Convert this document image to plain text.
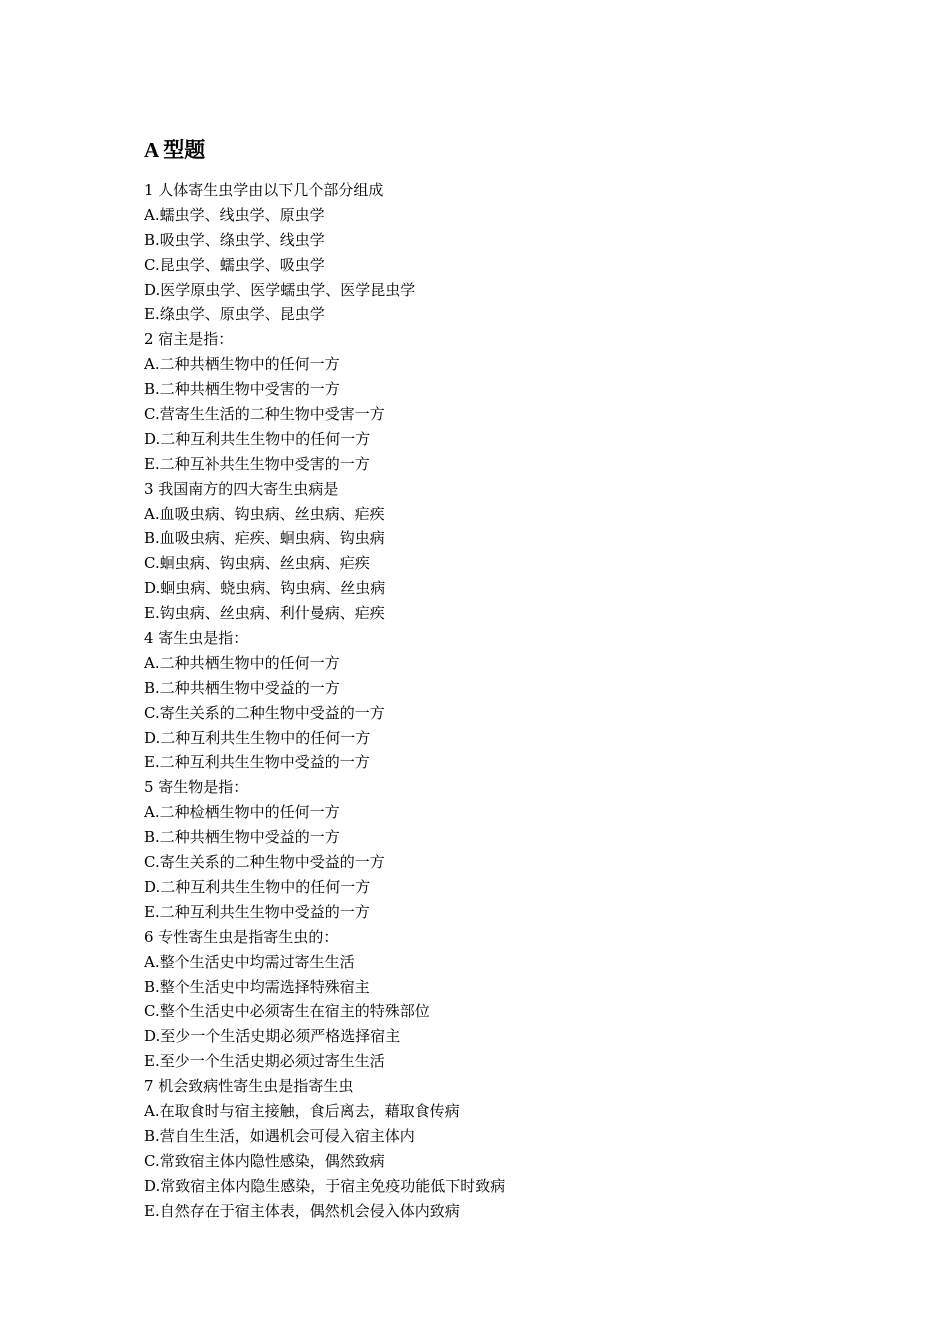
A 型题
1 人体寄生虫学由以下几个部分组成
A.蠕虫学、线虫学、原虫学
B.吸虫学、绦虫学、线虫学
C.昆虫学、蠕虫学、吸虫学
D.医学原虫学、医学蠕虫学、医学昆虫学
E.绦虫学、原虫学、昆虫学
2 宿主是指：
A.二种共栖生物中的任何一方
B.二种共栖生物中受害的一方
C.营寄生生活的二种生物中受害一方
D.二种互利共生生物中的任何一方
E.二种互补共生生物中受害的一方
3 我国南方的四大寄生虫病是
A.血吸虫病、钩虫病、丝虫病、疟疾
B.血吸虫病、疟疾、蛔虫病、钩虫病
C.蛔虫病、钩虫病、丝虫病、疟疾
D.蛔虫病、蛲虫病、钩虫病、丝虫病
E.钩虫病、丝虫病、利什曼病、疟疾
4 寄生虫是指：
A.二种共栖生物中的任何一方
B.二种共栖生物中受益的一方
C.寄生关系的二种生物中受益的一方
D.二种互利共生生物中的任何一方
E.二种互利共生生物中受益的一方
5 寄生物是指：
A.二种检栖生物中的任何一方
B.二种共栖生物中受益的一方
C.寄生关系的二种生物中受益的一方
D.二种互利共生生物中的任何一方
E.二种互利共生生物中受益的一方
6 专性寄生虫是指寄生虫的：
A.整个生活史中均需过寄生生活
B.整个生活史中均需选择特殊宿主
C.整个生活史中必须寄生在宿主的特殊部位
D.至少一个生活史期必须严格选择宿主
E.至少一个生活史期必须过寄生生活
7 机会致病性寄生虫是指寄生虫
A.在取食时与宿主接触，食后离去，藉取食传病
B.营自生生活，如遇机会可侵入宿主体内
C.常致宿主体内隐性感染，偶然致病
D.常致宿主体内隐生感染，于宿主免疫功能低下时致病
E.自然存在于宿主体表，偶然机会侵入体内致病
